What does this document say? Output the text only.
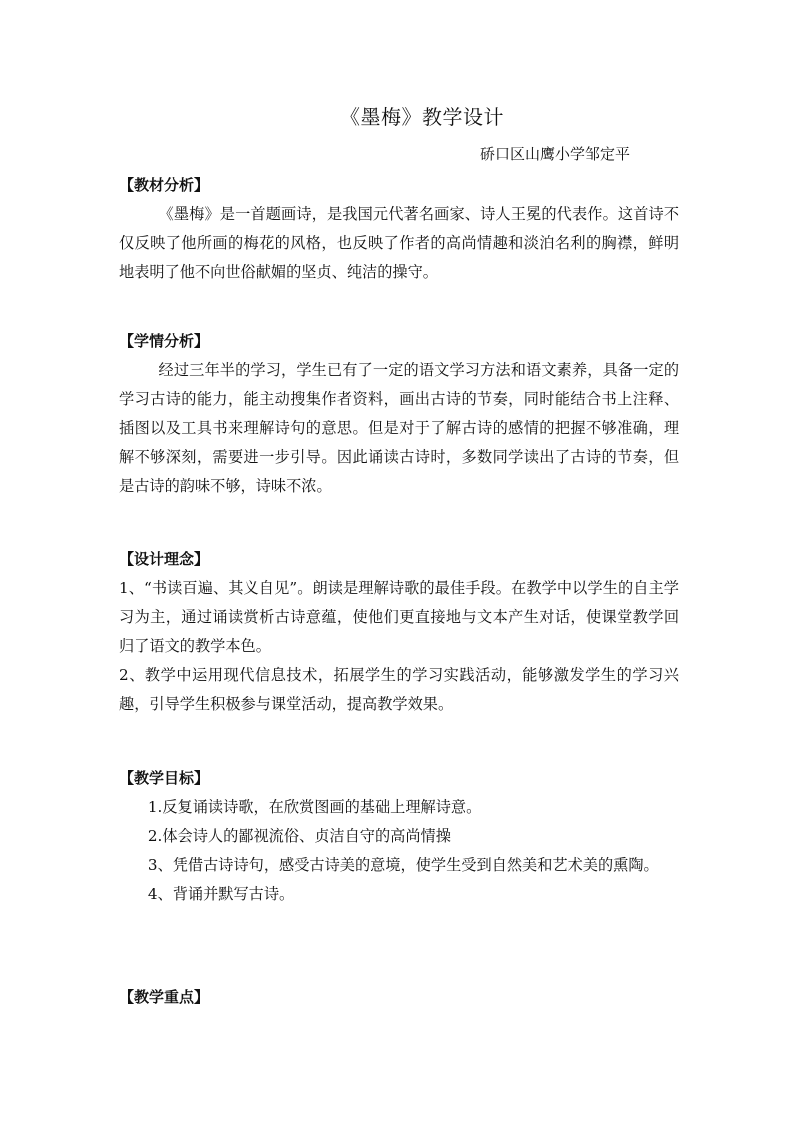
《墨梅》教学设计
硚口区山鹰小学邹定平

【教材分析】

《墨梅》是一首题画诗，是我国元代著名画家、诗人王冕的代表作。这首诗不仅反映了他所画的梅花的风格，也反映了作者的高尚情趣和淡泊名利的胸襟，鲜明地表明了他不向世俗献媚的坚贞、纯洁的操守。

【学情分析】

经过三年半的学习，学生已有了一定的语文学习方法和语文素养，具备一定的学习古诗的能力，能主动搜集作者资料，画出古诗的节奏，同时能结合书上注释、插图以及工具书来理解诗句的意思。但是对于了解古诗的感情的把握不够准确，理解不够深刻，需要进一步引导。因此诵读古诗时，多数同学读出了古诗的节奏，但是古诗的韵味不够，诗味不浓。

【设计理念】

1、“书读百遍、其义自见”。朗读是理解诗歌的最佳手段。在教学中以学生的自主学习为主，通过诵读赏析古诗意蕴，使他们更直接地与文本产生对话，使课堂教学回归了语文的教学本色。

2、教学中运用现代信息技术，拓展学生的学习实践活动，能够激发学生的学习兴趣，引导学生积极参与课堂活动，提高教学效果。

【教学目标】

1.反复诵读诗歌，在欣赏图画的基础上理解诗意。

2.体会诗人的鄙视流俗、贞洁自守的高尚情操

3、凭借古诗诗句，感受古诗美的意境，使学生受到自然美和艺术美的熏陶。

4、背诵并默写古诗。

【教学重点】
